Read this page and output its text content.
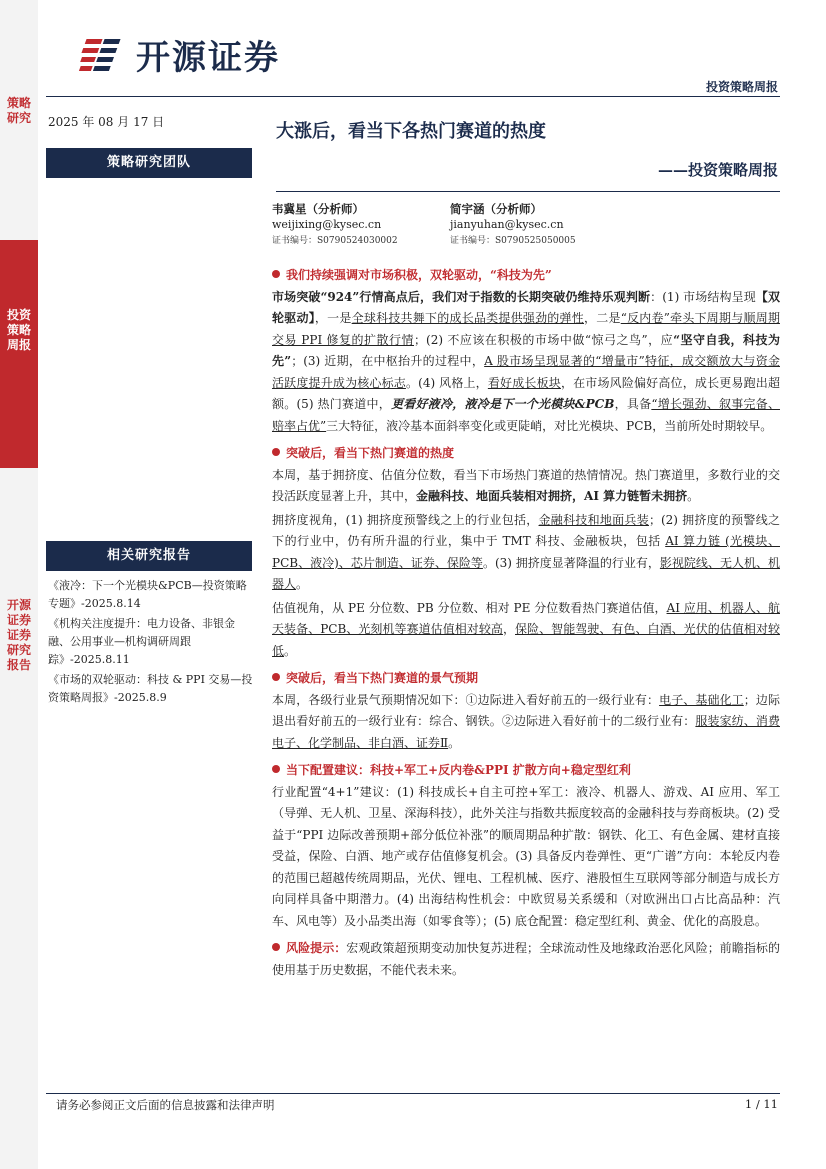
策略研究
投资策略周报
开源证券 证券研究报告
开源证券
投资策略周报
2025 年 08 月 17 日
策略研究团队
相关研究报告

《液冷：下一个光模块&PCB—投资策略专题》-2025.8.14

《机构关注度提升：电力设备、非银金融、公用事业—机构调研周跟踪》-2025.8.11

《市场的双轮驱动：科技 & PPI 交易—投资策略周报》-2025.8.9

大涨后，看当下各热门赛道的热度
——投资策略周报
韦冀星（分析师）
weijixing@kysec.cn
证书编号：S0790524030002
简宇涵（分析师）
jianyuhan@kysec.cn
证书编号：S0790525050005
我们持续强调对市场积极，双轮驱动，“科技为先”
市场突破“924”行情高点后，我们对于指数的长期突破仍维持乐观判断：(1) 市场结构呈现【双轮驱动】，一是全球科技共舞下的成长品类提供强劲的弹性，二是“反内卷”牵头下周期与顺周期交易 PPI 修复的扩散行情；(2) 不应该在积极的市场中做“惊弓之鸟”，应“坚守自我，科技为先”；(3) 近期，在中枢抬升的过程中，A 股市场呈现显著的“增量市”特征，成交额放大与资金活跃度提升成为核心标志。(4) 风格上，看好成长板块，在市场风险偏好高位，成长更易跑出超额。(5) 热门赛道中，更看好液冷，液冷是下一个光模块&PCB，具备“增长强劲、叙事完备、赔率占优”三大特征，液冷基本面斜率变化或更陡峭，对比光模块、PCB，当前所处时期较早。
突破后，看当下热门赛道的热度
本周，基于拥挤度、估值分位数，看当下市场热门赛道的热情情况。热门赛道里，多数行业的交投活跃度显著上升，其中，金融科技、地面兵装相对拥挤，AI 算力链暂未拥挤。
拥挤度视角，(1) 拥挤度预警线之上的行业包括，金融科技和地面兵装；(2) 拥挤度的预警线之下的行业中，仍有所升温的行业，集中于 TMT 科技、金融板块，包括 AI 算力链 (光模块、PCB、液冷)、芯片制造、证券、保险等。(3) 拥挤度显著降温的行业有，影视院线、无人机、机器人。
估值视角，从 PE 分位数、PB 分位数、相对 PE 分位数看热门赛道估值，AI 应用、机器人、航天装备、PCB、光刻机等赛道估值相对较高，保险、智能驾驶、有色、白酒、光伏的估值相对较低。
突破后，看当下热门赛道的景气预期
本周，各级行业景气预期情况如下：①边际进入看好前五的一级行业有：电子、基础化工；边际退出看好前五的一级行业有：综合、钢铁。②边际进入看好前十的二级行业有：服装家纺、消费电子、化学制品、非白酒、证券Ⅱ。
当下配置建议：科技+军工+反内卷&PPI 扩散方向+稳定型红利
行业配置“4+1”建议：(1) 科技成长+自主可控+军工：液冷、机器人、游戏、AI 应用、军工（导弹、无人机、卫星、深海科技），此外关注与指数共振度较高的金融科技与券商板块。(2) 受益于“PPI 边际改善预期+部分低位补涨”的顺周期品种扩散：钢铁、化工、有色金属、建材直接受益，保险、白酒、地产或存估值修复机会。(3) 具备反内卷弹性、更“广谱”方向：本轮反内卷的范围已超越传统周期品，光伏、锂电、工程机械、医疗、港股恒生互联网等部分制造与成长方向同样具备中期潜力。(4) 出海结构性机会：中欧贸易关系缓和（对欧洲出口占比高品种：汽车、风电等）及小品类出海（如零食等）；(5) 底仓配置：稳定型红利、黄金、优化的高股息。
风险提示：宏观政策超预期变动加快复苏进程；全球流动性及地缘政治恶化风险；前瞻指标的使用基于历史数据，不能代表未来。
请务必参阅正文后面的信息披露和法律声明	1 / 11
